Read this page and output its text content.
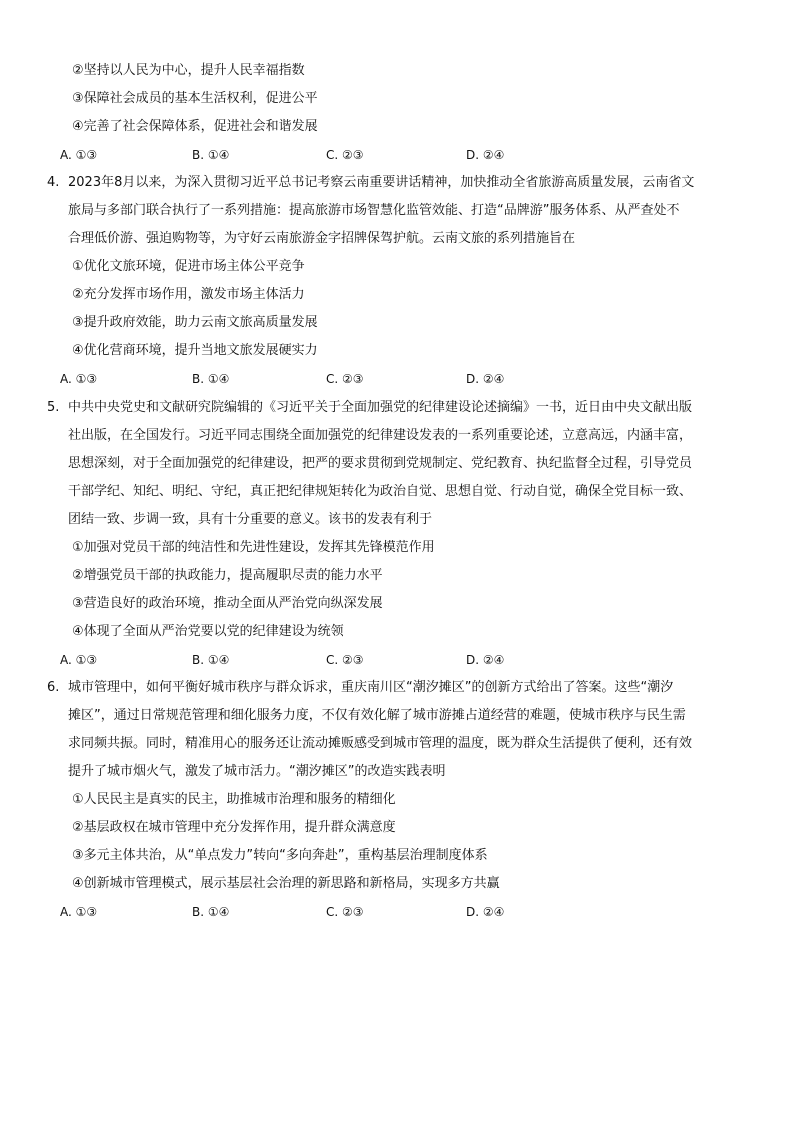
②坚持以人民为中心，提升人民幸福指数
③保障社会成员的基本生活权利，促进公平
④完善了社会保障体系，促进社会和谐发展
A. ①③	B. ①④	C. ②③	D. ②④
4. 2023年8月以来，为深入贯彻习近平总书记考察云南重要讲话精神，加快推动全省旅游高质量发展，云南省文
旅局与多部门联合执行了一系列措施：提高旅游市场智慧化监管效能、打造“品牌游”服务体系、从严查处不
合理低价游、强迫购物等，为守好云南旅游金字招牌保驾护航。云南文旅的系列措施旨在
①优化文旅环境，促进市场主体公平竞争
②充分发挥市场作用，激发市场主体活力
③提升政府效能，助力云南文旅高质量发展
④优化营商环境，提升当地文旅发展硬实力
A. ①③	B. ①④	C. ②③	D. ②④
5. 中共中央党史和文献研究院编辑的《习近平关于全面加强党的纪律建设论述摘编》一书，近日由中央文献出版
社出版，在全国发行。习近平同志围绕全面加强党的纪律建设发表的一系列重要论述，立意高远，内涵丰富，
思想深刻，对于全面加强党的纪律建设，把严的要求贯彻到党规制定、党纪教育、执纪监督全过程，引导党员
干部学纪、知纪、明纪、守纪，真正把纪律规矩转化为政治自觉、思想自觉、行动自觉，确保全党目标一致、
团结一致、步调一致，具有十分重要的意义。该书的发表有利于
①加强对党员干部的纯洁性和先进性建设，发挥其先锋模范作用
②增强党员干部的执政能力，提高履职尽责的能力水平
③营造良好的政治环境，推动全面从严治党向纵深发展
④体现了全面从严治党要以党的纪律建设为统领
A. ①③	B. ①④	C. ②③	D. ②④
6. 城市管理中，如何平衡好城市秩序与群众诉求，重庆南川区“潮汐摊区”的创新方式给出了答案。这些“潮汐
摊区”，通过日常规范管理和细化服务力度，不仅有效化解了城市游摊占道经营的难题，使城市秩序与民生需
求同频共振。同时，精准用心的服务还让流动摊贩感受到城市管理的温度，既为群众生活提供了便利，还有效
提升了城市烟火气，激发了城市活力。“潮汐摊区”的改造实践表明
①人民民主是真实的民主，助推城市治理和服务的精细化
②基层政权在城市管理中充分发挥作用，提升群众满意度
③多元主体共治，从“单点发力”转向“多向奔赴”，重构基层治理制度体系
④创新城市管理模式，展示基层社会治理的新思路和新格局，实现多方共赢
A. ①③	B. ①④	C. ②③	D. ②④
